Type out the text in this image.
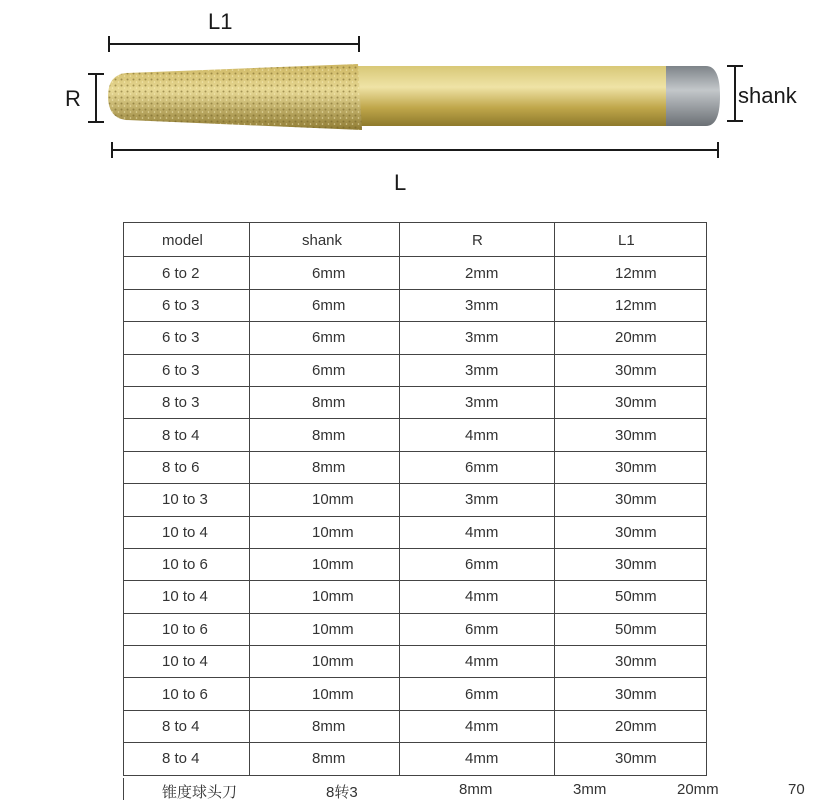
L1
R	shank
L
model	shank	R	L1
6 to 2	6mm	2mm	12mm
6 to 3	6mm	3mm	12mm
6 to 3	6mm	3mm	20mm
6 to 3	6mm	3mm	30mm
8 to 3	8mm	3mm	30mm
8 to 4	8mm	4mm	30mm
8 to 6	8mm	6mm	30mm
10 to 3	10mm	3mm	30mm
10 to 4	10mm	4mm	30mm
10 to 6	10mm	6mm	30mm
10 to 4	10mm	4mm	50mm
10 to 6	10mm	6mm	50mm
10 to 4	10mm	4mm	30mm
10 to 6	10mm	6mm	30mm
8 to 4	8mm	4mm	20mm
8 to 4	8mm	4mm	30mm
锥度球头刀	8转3	8mm	3mm	20mm	70
